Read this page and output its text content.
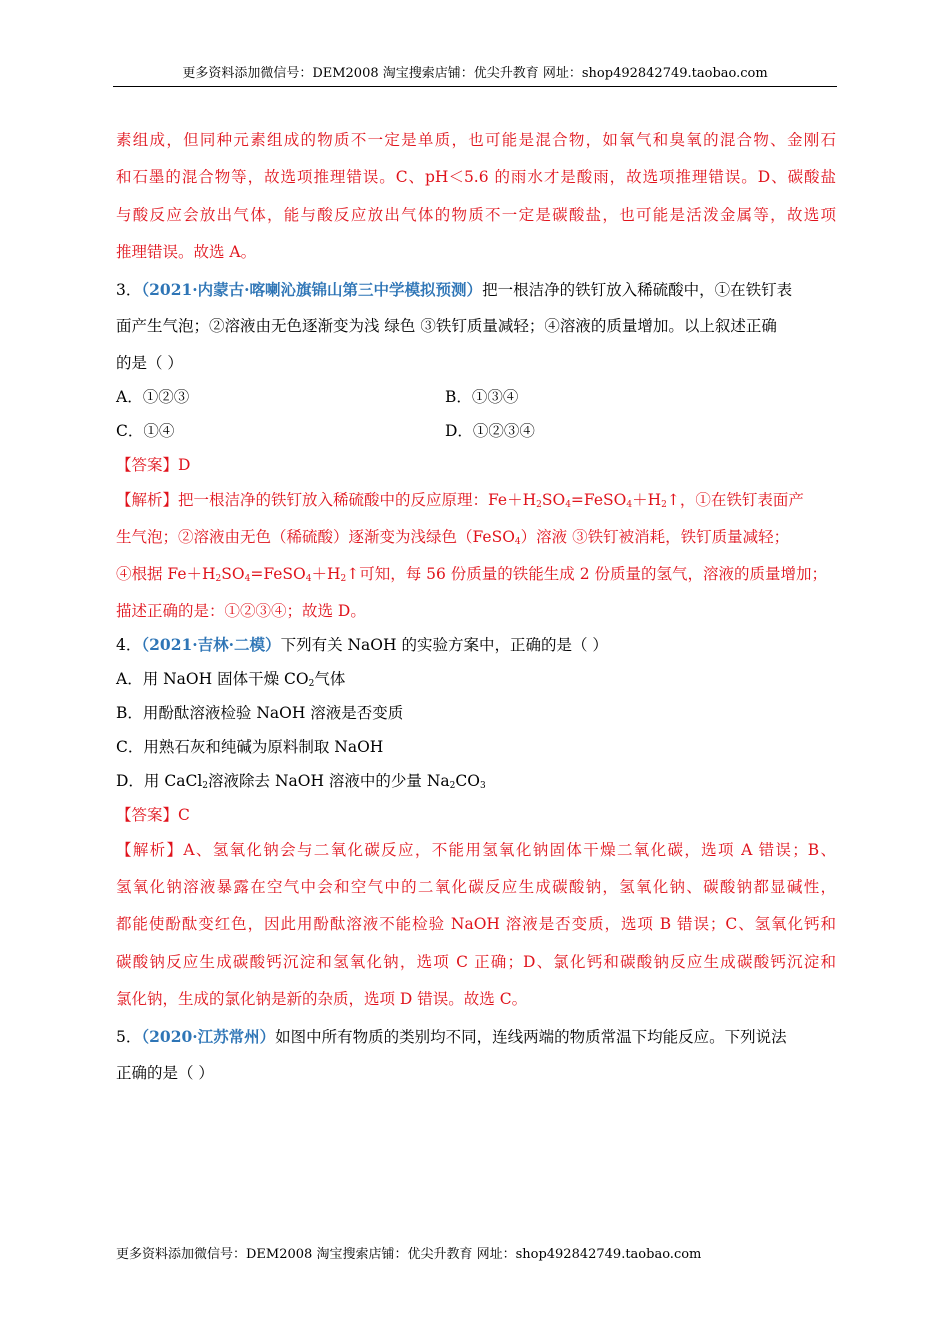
更多资料添加微信号：DEM2008 淘宝搜索店铺：优尖升教育 网址：shop492842749.taobao.com
素组成，但同种元素组成的物质不一定是单质，也可能是混合物，如氧气和臭氧的混合物、金刚石
和石墨的混合物等，故选项推理错误。C、pH＜5.6 的雨水才是酸雨，故选项推理错误。D、碳酸盐
与酸反应会放出气体，能与酸反应放出气体的物质不一定是碳酸盐，也可能是活泼金属等，故选项
推理错误。故选 A。
3．（2021·内蒙古·喀喇沁旗锦山第三中学模拟预测）把一根洁净的铁钉放入稀硫酸中，①在铁钉表
面产生气泡；②溶液由无色逐渐变为浅 绿色 ③铁钉质量减轻；④溶液的质量增加。以上叙述正确
的是（ ）
A．①②③	B．①③④
C．①④	D．①②③④
【答案】D
【解析】把一根洁净的铁钉放入稀硫酸中的反应原理：$Fe+H_2SO_4=FeSO_4+H_2↑$，①在铁钉表面产
生气泡；②溶液由无色（稀硫酸）逐渐变为浅绿色（FeSO$_4$）溶液 ③铁钉被消耗，铁钉质量减轻；
④根据 $Fe+H_2SO_4=FeSO_4+H_2↑$可知，每 56 份质量的铁能生成 2 份质量的氢气，溶液的质量增加；
描述正确的是：①②③④；故选 D。
4．（2021·吉林·二模）下列有关 NaOH 的实验方案中，正确的是（ ）
A．用 NaOH 固体干燥 $CO_2$气体
B．用酚酞溶液检验 NaOH 溶液是否变质
C．用熟石灰和纯碱为原料制取 NaOH
D．用 CaCl$_2$溶液除去 NaOH 溶液中的少量 $Na_2CO_3$
【答案】C
【解析】A、氢氧化钠会与二氧化碳反应，不能用氢氧化钠固体干燥二氧化碳，选项 A 错误；B、
氢氧化钠溶液暴露在空气中会和空气中的二氧化碳反应生成碳酸钠，氢氧化钠、碳酸钠都显碱性，
都能使酚酞变红色，因此用酚酞溶液不能检验 NaOH 溶液是否变质，选项 B 错误；C、氢氧化钙和
碳酸钠反应生成碳酸钙沉淀和氢氧化钠，选项 C 正确；D、氯化钙和碳酸钠反应生成碳酸钙沉淀和
氯化钠，生成的氯化钠是新的杂质，选项 D 错误。故选 C。
5．（2020·江苏常州）如图中所有物质的类别均不同，连线两端的物质常温下均能反应。下列说法
正确的是（ ）
更多资料添加微信号：DEM2008 淘宝搜索店铺：优尖升教育 网址：shop492842749.taobao.com
